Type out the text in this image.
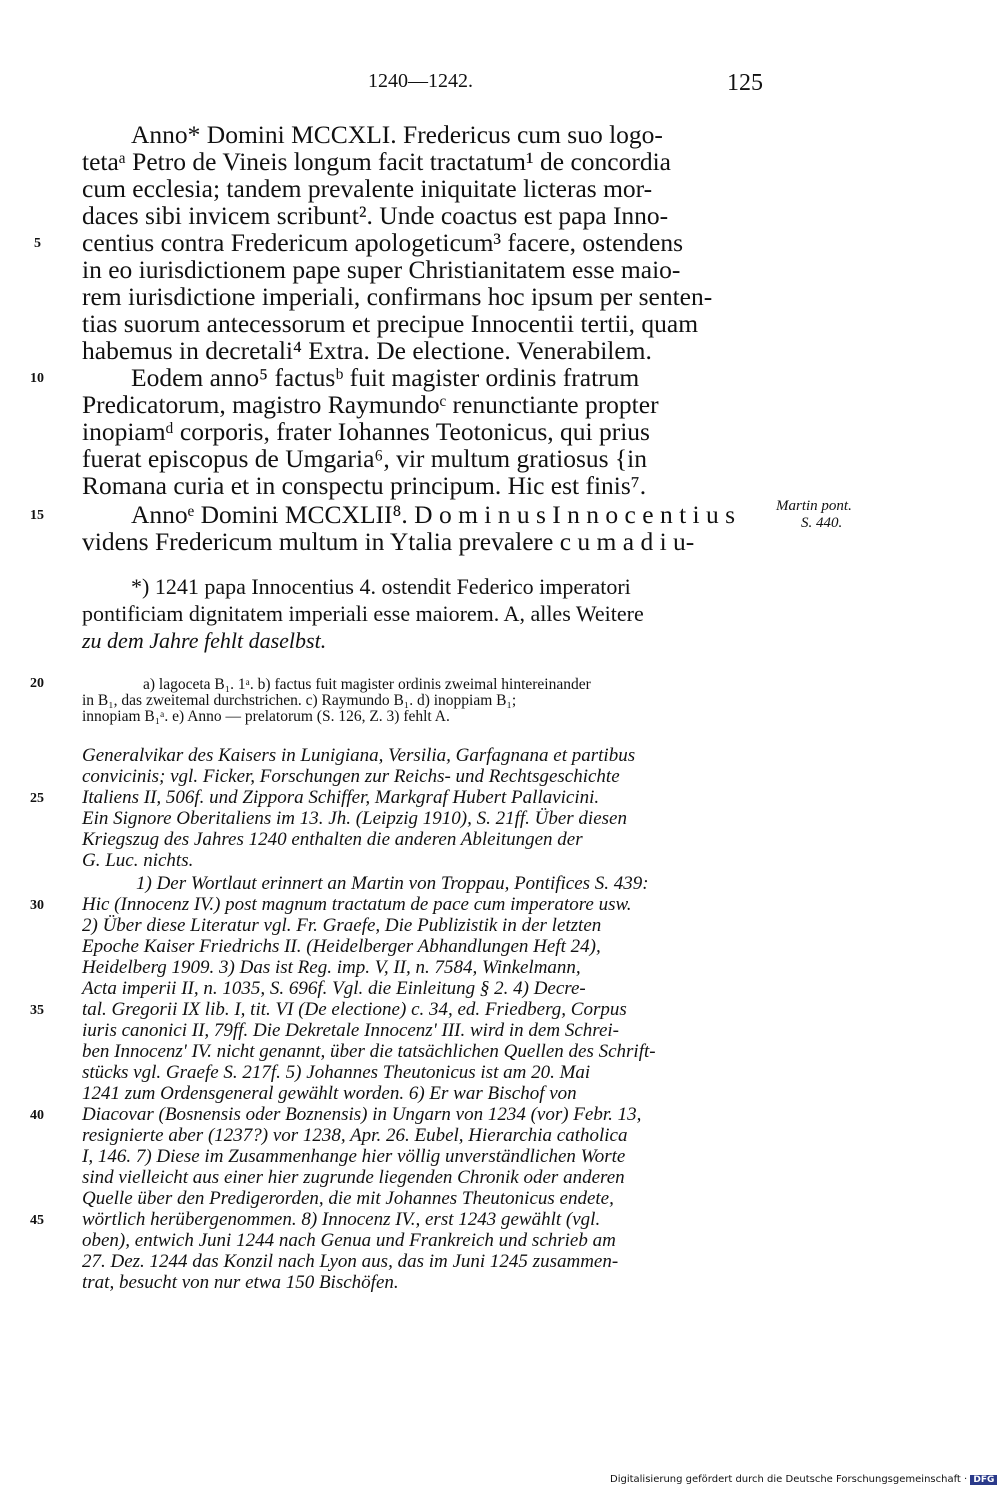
1240—1242.	125
Anno* Domini MCCXLI. Fredericus cum suo logo-
tetaᵃ Petro de Vineis longum facit tractatum¹ de concordia
cum ecclesia; tandem prevalente iniquitate licteras mor-
daces sibi invicem scribunt². Unde coactus est papa Inno-
centius contra Fredericum apologeticum³ facere, ostendens
in eo iurisdictionem pape super Christianitatem esse maio-
rem iurisdictione imperiali, confirmans hoc ipsum per senten-
tias suorum antecessorum et precipue Innocentii tertii, quam
habemus in decretali⁴ Extra. De electione. Venerabilem.
Eodem anno⁵ factusᵇ fuit magister ordinis fratrum
Predicatorum, magistro Raymundoᶜ renunctiante propter
inopiamᵈ corporis, frater Iohannes Teotonicus, qui prius
fuerat episcopus de Umgaria⁶, vir multum gratiosus {in
Romana curia et in conspectu principum. Hic est finis⁷.
Annoᵉ Domini MCCXLII⁸. D o m i n u s I n n o c e n t i u s
videns Fredericum multum in Ytalia prevalere c u m a d i u-
Martin pont.
S. 440.
*) 1241 papa Innocentius 4. ostendit Federico imperatori
pontificiam dignitatem imperiali esse maiorem. A, alles Weitere
zu dem Jahre fehlt daselbst.
a) lagoceta B₁. 1ᵃ. b) factus fuit magister ordinis zweimal hintereinander
in B₁, das zweitemal durchstrichen. c) Raymundo B₁. d) inoppiam B₁;
innopiam B₁ᵃ. e) Anno — prelatorum (S. 126, Z. 3) fehlt A.
Generalvikar des Kaisers in Lunigiana, Versilia, Garfagnana et partibus
convicinis; vgl. Ficker, Forschungen zur Reichs- und Rechtsgeschichte
Italiens II, 506f. und Zippora Schiffer, Markgraf Hubert Pallavicini.
Ein Signore Oberitaliens im 13. Jh. (Leipzig 1910), S. 21ff. Über diesen
Kriegszug des Jahres 1240 enthalten die anderen Ableitungen der
G. Luc. nichts.
1) Der Wortlaut erinnert an Martin von Troppau, Pontifices S. 439:
Hic (Innocenz IV.) post magnum tractatum de pace cum imperatore usw.
2) Über diese Literatur vgl. Fr. Graefe, Die Publizistik in der letzten
Epoche Kaiser Friedrichs II. (Heidelberger Abhandlungen Heft 24),
Heidelberg 1909. 3) Das ist Reg. imp. V, II, n. 7584, Winkelmann,
Acta imperii II, n. 1035, S. 696f. Vgl. die Einleitung § 2. 4) Decre-
tal. Gregorii IX lib. I, tit. VI (De electione) c. 34, ed. Friedberg, Corpus
iuris canonici II, 79ff. Die Dekretale Innocenz' III. wird in dem Schrei-
ben Innocenz' IV. nicht genannt, über die tatsächlichen Quellen des Schrift-
stücks vgl. Graefe S. 217f. 5) Johannes Theutonicus ist am 20. Mai
1241 zum Ordensgeneral gewählt worden. 6) Er war Bischof von
Diacovar (Bosnensis oder Boznensis) in Ungarn von 1234 (vor) Febr. 13,
resignierte aber (1237?) vor 1238, Apr. 26. Eubel, Hierarchia catholica
I, 146. 7) Diese im Zusammenhange hier völlig unverständlichen Worte
sind vielleicht aus einer hier zugrunde liegenden Chronik oder anderen
Quelle über den Predigerorden, die mit Johannes Theutonicus endete,
wörtlich herübergenommen. 8) Innocenz IV., erst 1243 gewählt (vgl.
oben), entwich Juni 1244 nach Genua und Frankreich und schrieb am
27. Dez. 1244 das Konzil nach Lyon aus, das im Juni 1245 zusammen-
trat, besucht von nur etwa 150 Bischöfen.
5
10
15
20
25
30
35
40
45
Digitalisierung gefördert durch die Deutsche Forschungsgemeinschaft · DFG
